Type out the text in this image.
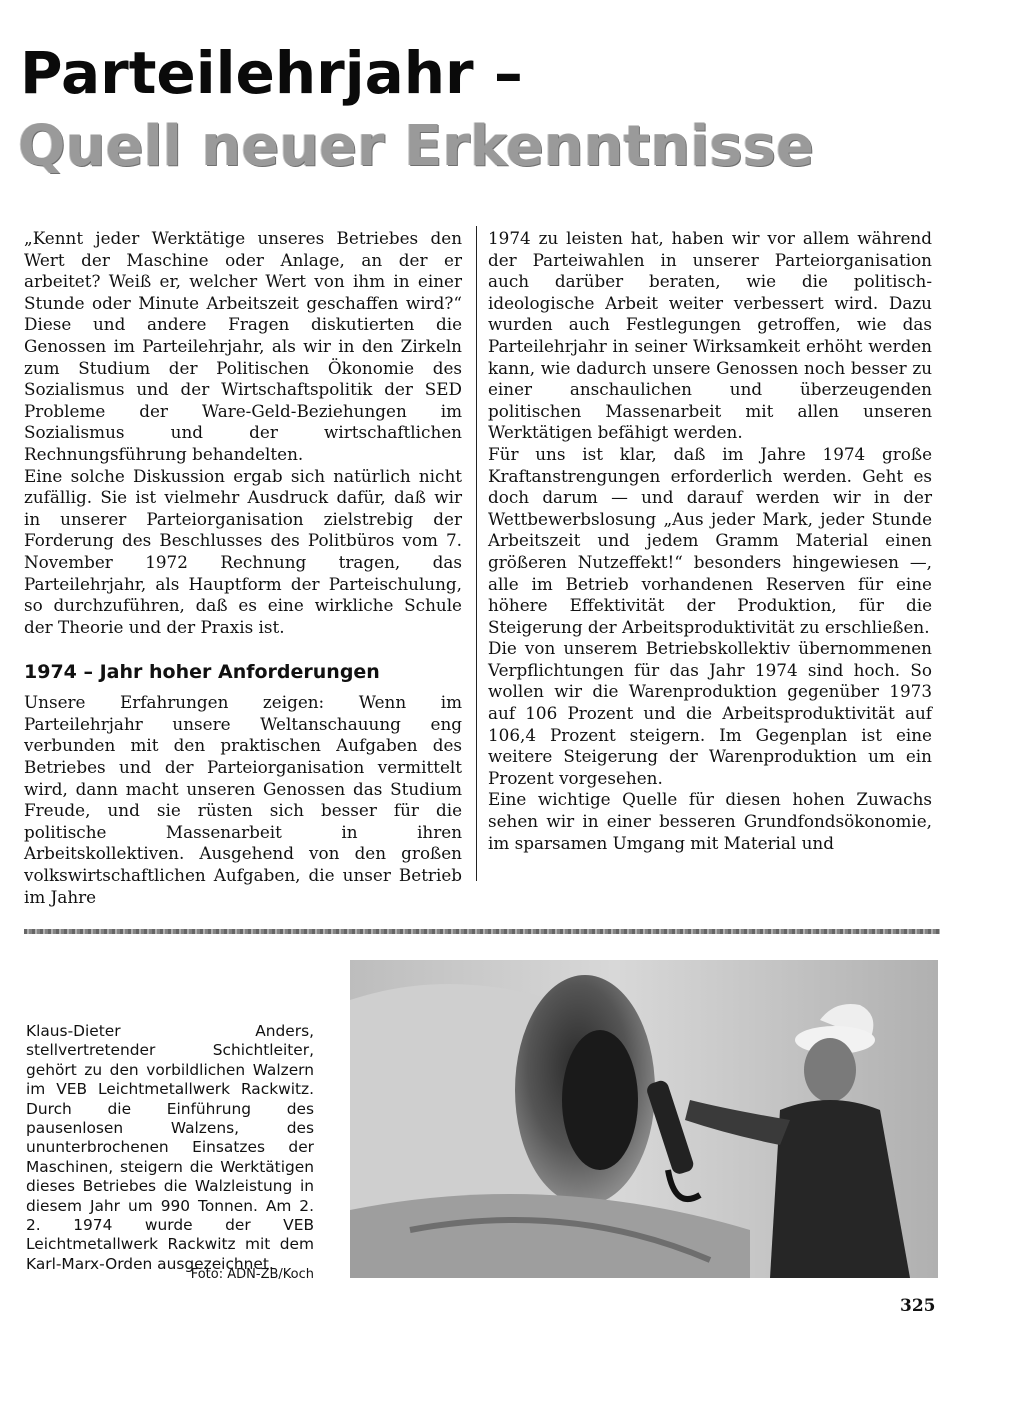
Parteilehrjahr –
Quell neuer Erkenntnisse

„Kennt jeder Werktätige unseres Betriebes den Wert der Maschine oder Anlage, an der er arbeitet? Weiß er, welcher Wert von ihm in einer Stunde oder Minute Arbeitszeit geschaffen wird?“ Diese und andere Fragen diskutierten die Genossen im Parteilehrjahr, als wir in den Zirkeln zum Studium der Politischen Ökonomie des Sozialismus und der Wirtschaftspolitik der SED Probleme der Ware-Geld-Beziehungen im Sozialismus und der wirtschaftlichen Rechnungsführung behandelten.

Eine solche Diskussion ergab sich natürlich nicht zufällig. Sie ist vielmehr Ausdruck dafür, daß wir in unserer Parteiorganisation zielstrebig der Forderung des Beschlusses des Politbüros vom 7. November 1972 Rechnung tragen, das Parteilehrjahr, als Hauptform der Parteischulung, so durchzuführen, daß es eine wirkliche Schule der Theorie und der Praxis ist.

1974 – Jahr hoher Anforderungen

Unsere Erfahrungen zeigen: Wenn im Parteilehrjahr unsere Weltanschauung eng verbunden mit den praktischen Aufgaben des Betriebes und der Parteiorganisation vermittelt wird, dann macht unseren Genossen das Studium Freude, und sie rüsten sich besser für die politische Massenarbeit in ihren Arbeitskollektiven. Ausgehend von den großen volkswirtschaftlichen Aufgaben, die unser Betrieb im Jahre

1974 zu leisten hat, haben wir vor allem während der Parteiwahlen in unserer Parteiorganisation auch darüber beraten, wie die politisch-ideologische Arbeit weiter verbessert wird. Dazu wurden auch Festlegungen getroffen, wie das Parteilehrjahr in seiner Wirksamkeit erhöht werden kann, wie dadurch unsere Genossen noch besser zu einer anschaulichen und überzeugenden politischen Massenarbeit mit allen unseren Werktätigen befähigt werden.

Für uns ist klar, daß im Jahre 1974 große Kraftanstrengungen erforderlich werden. Geht es doch darum — und darauf werden wir in der Wettbewerbslosung „Aus jeder Mark, jeder Stunde Arbeitszeit und jedem Gramm Material einen größeren Nutzeffekt!“ besonders hingewiesen —, alle im Betrieb vorhandenen Reserven für eine höhere Effektivität der Produktion, für die Steigerung der Arbeitsproduktivität zu erschließen.

Die von unserem Betriebskollektiv übernommenen Verpflichtungen für das Jahr 1974 sind hoch. So wollen wir die Warenproduktion gegenüber 1973 auf 106 Prozent und die Arbeitsproduktivität auf 106,4 Prozent steigern. Im Gegenplan ist eine weitere Steigerung der Warenproduktion um ein Prozent vorgesehen.

Eine wichtige Quelle für diesen hohen Zuwachs sehen wir in einer besseren Grundfondsökonomie, im sparsamen Umgang mit Material und

Klaus-Dieter Anders, stellvertretender Schichtleiter, gehört zu den vorbildlichen Walzern im VEB Leichtmetallwerk Rackwitz. Durch die Einführung des pausenlosen Walzens, des ununterbrochenen Einsatzes der Maschinen, steigern die Werktätigen dieses Betriebes die Walzleistung in diesem Jahr um 990 Tonnen. Am 2. 2. 1974 wurde der VEB Leichtmetallwerk Rackwitz mit dem Karl-Marx-Orden ausgezeichnet.

Foto: ADN-ZB/Koch

325
